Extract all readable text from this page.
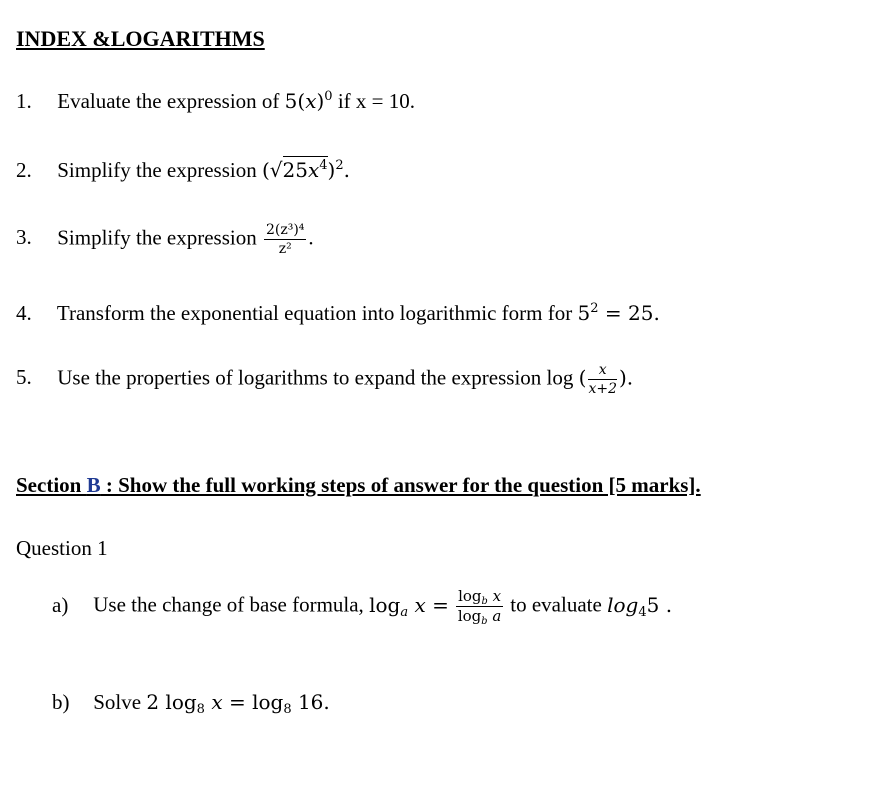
INDEX &LOGARITHMS
1. Evaluate the expression of $5(x)^0$ if x = 10.
2. Simplify the expression $(√25x^4)^2$.
3. Simplify the expression $\frac{\text{2(z³)⁴}}{\text{z²}}$ .
4. Transform the exponential equation into logarithmic form for $5^2 = 25$.
5. Use the properties of logarithms to expand the expression log ( $\frac{x}{x+2}$ ).
Section B : Show the full working steps of answer for the question [5 marks].
Question 1
a) Use the change of base formula, $\log_a x = \frac{\log_b x}{\log_b a}$ to evaluate $\log_45$ .
b) Solve 2 $\log_8 x = \log_8 16$.
